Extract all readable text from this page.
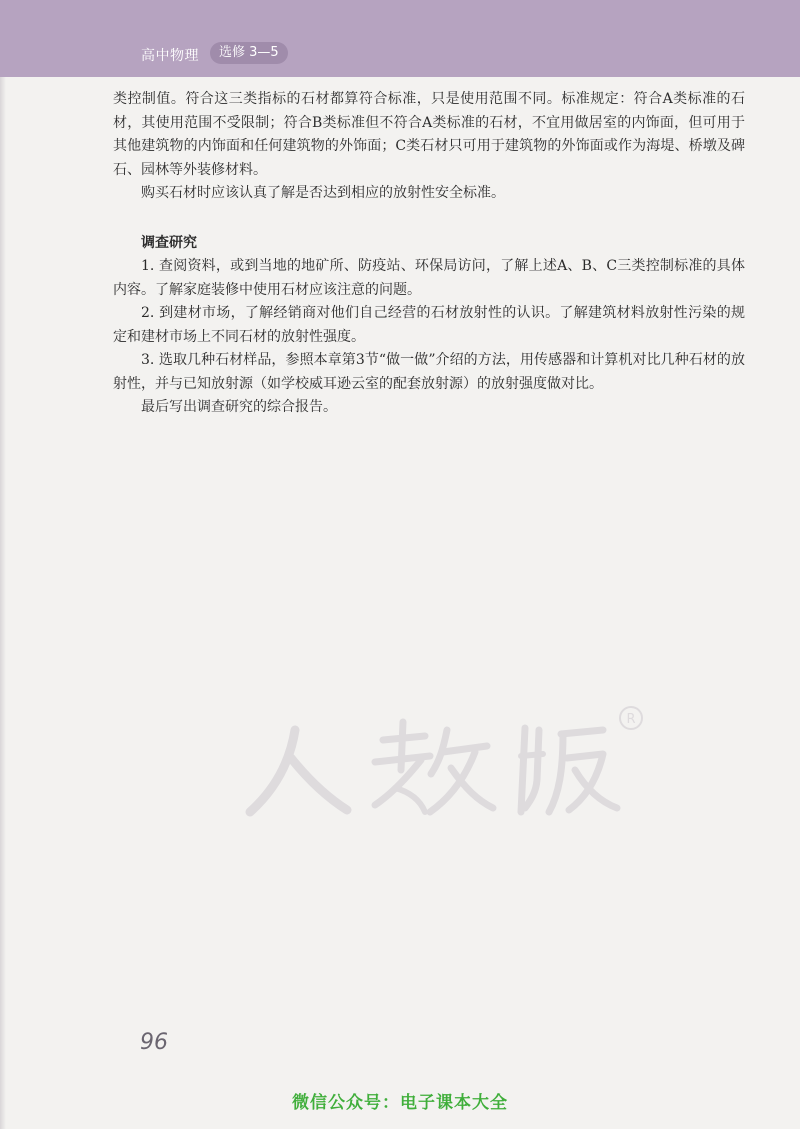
高中物理	选修 3—5

类控制值。符合这三类指标的石材都算符合标准，只是使用范围不同。标准规定：符合A类标准的石材，其使用范围不受限制；符合B类标准但不符合A类标准的石材，不宜用做居室的内饰面，但可用于其他建筑物的内饰面和任何建筑物的外饰面；C类石材只可用于建筑物的外饰面或作为海堤、桥墩及碑石、园林等外装修材料。

购买石材时应该认真了解是否达到相应的放射性安全标准。

调查研究

1. 查阅资料，或到当地的地矿所、防疫站、环保局访问，了解上述A、B、C三类控制标准的具体内容。了解家庭装修中使用石材应该注意的问题。

2. 到建材市场，了解经销商对他们自己经营的石材放射性的认识。了解建筑材料放射性污染的规定和建材市场上不同石材的放射性强度。

3. 选取几种石材样品，参照本章第3节“做一做”介绍的方法，用传感器和计算机对比几种石材的放射性，并与已知放射源（如学校威耳逊云室的配套放射源）的放射强度做对比。

最后写出调查研究的综合报告。

R
96
微信公众号：电子课本大全
